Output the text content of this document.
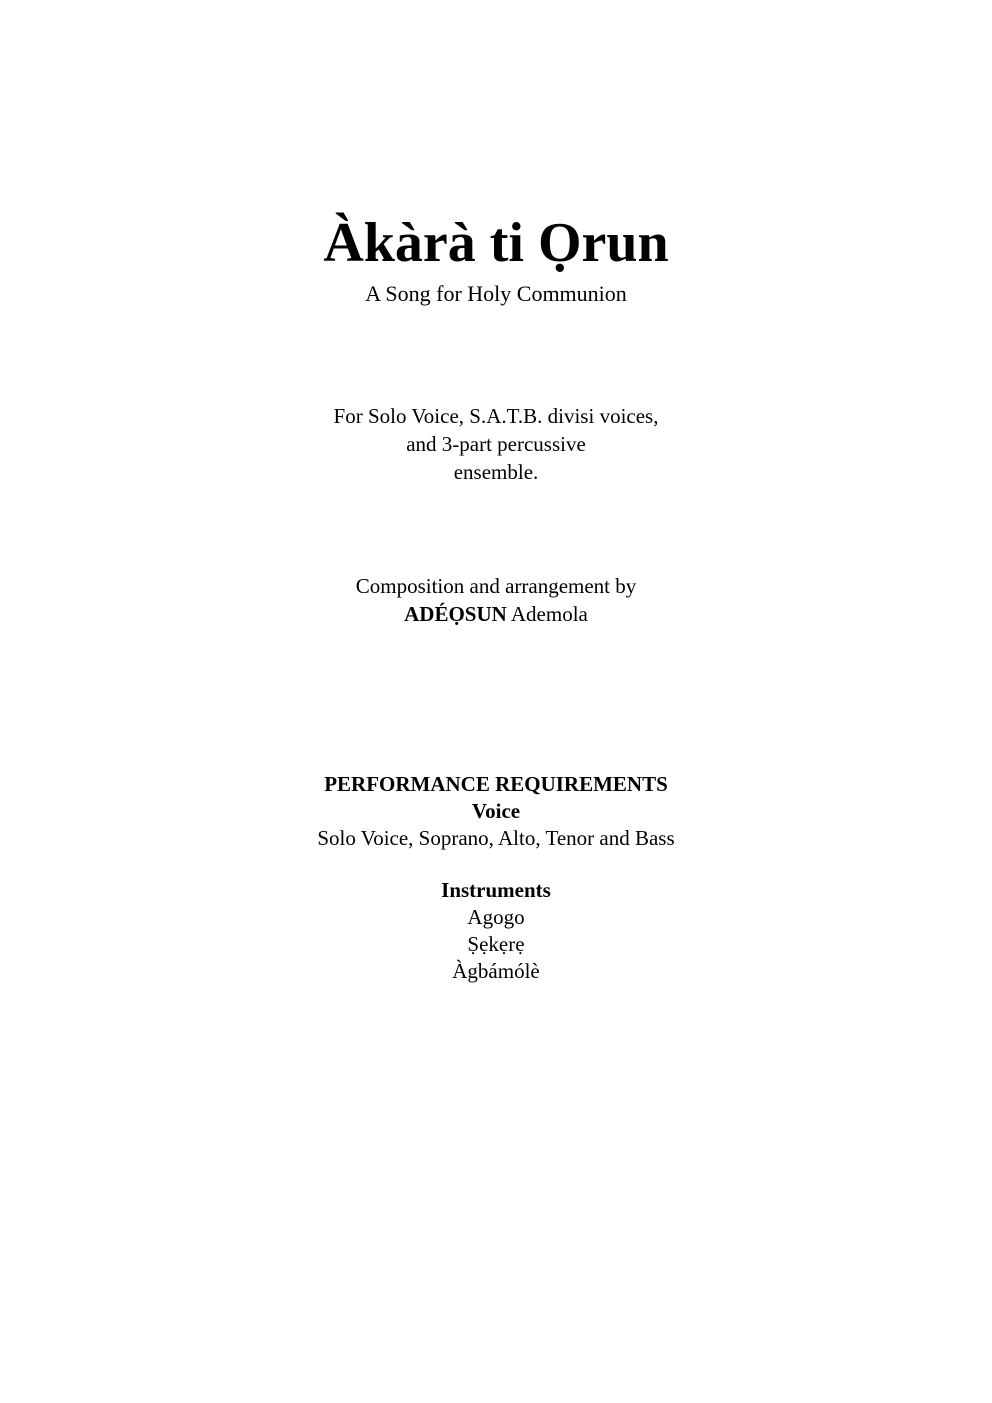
Àkàrà ti Ọrun
A Song for Holy Communion
For Solo Voice, S.A.T.B. divisi voices,
and 3-part percussive
ensemble.
Composition and arrangement by
ADÉỌSUN Ademola
PERFORMANCE REQUIREMENTS
Voice
Solo Voice, Soprano, Alto, Tenor and Bass
Instruments
Agogo
Ṣẹkẹrẹ
Àgbámólè
